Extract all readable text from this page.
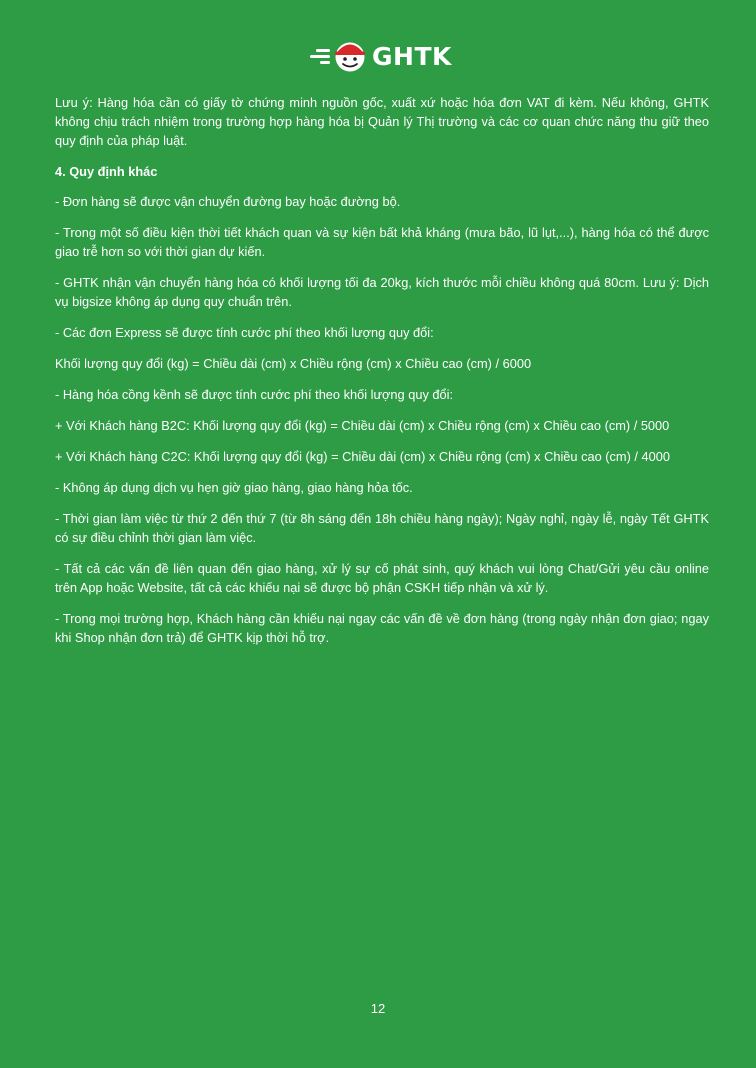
GHTK

Lưu ý: Hàng hóa cần có giấy tờ chứng minh nguồn gốc, xuất xứ hoặc hóa đơn VAT đi kèm. Nếu không, GHTK không chịu trách nhiệm trong trường hợp hàng hóa bị Quản lý Thị trường và các cơ quan chức năng thu giữ theo quy định của pháp luật.

4. Quy định khác

- Đơn hàng sẽ được vận chuyển đường bay hoặc đường bộ.

- Trong một số điều kiện thời tiết khách quan và sự kiện bất khả kháng (mưa bão, lũ lụt,...), hàng hóa có thể được giao trễ hơn so với thời gian dự kiến.

- GHTK nhận vận chuyển hàng hóa có khối lượng tối đa 20kg, kích thước mỗi chiều không quá 80cm. Lưu ý: Dịch vụ bigsize không áp dụng quy chuẩn trên.

- Các đơn Express sẽ được tính cước phí theo khối lượng quy đổi:

Khối lượng quy đổi (kg) = Chiều dài (cm) x Chiều rộng (cm) x Chiều cao (cm) / 6000

- Hàng hóa cồng kềnh sẽ được tính cước phí theo khối lượng quy đổi:

+ Với Khách hàng B2C: Khối lượng quy đổi (kg) = Chiều dài (cm) x Chiều rộng (cm) x Chiều cao (cm) / 5000

+ Với Khách hàng C2C: Khối lượng quy đổi (kg) = Chiều dài (cm) x Chiều rộng (cm) x Chiều cao (cm) / 4000

- Không áp dụng dịch vụ hẹn giờ giao hàng, giao hàng hỏa tốc.

- Thời gian làm việc từ thứ 2 đến thứ 7 (từ 8h sáng đến 18h chiều hàng ngày); Ngày nghỉ, ngày lễ, ngày Tết GHTK có sự điều chỉnh thời gian làm việc.

- Tất cả các vấn đề liên quan đến giao hàng, xử lý sự cố phát sinh, quý khách vui lòng Chat/Gửi yêu cầu online trên App hoặc Website, tất cả các khiếu nại sẽ được bộ phận CSKH tiếp nhận và xử lý.

- Trong mọi trường hợp, Khách hàng cần khiếu nại ngay các vấn đề về đơn hàng (trong ngày nhận đơn giao; ngay khi Shop nhận đơn trả) để GHTK kịp thời hỗ trợ.

12
